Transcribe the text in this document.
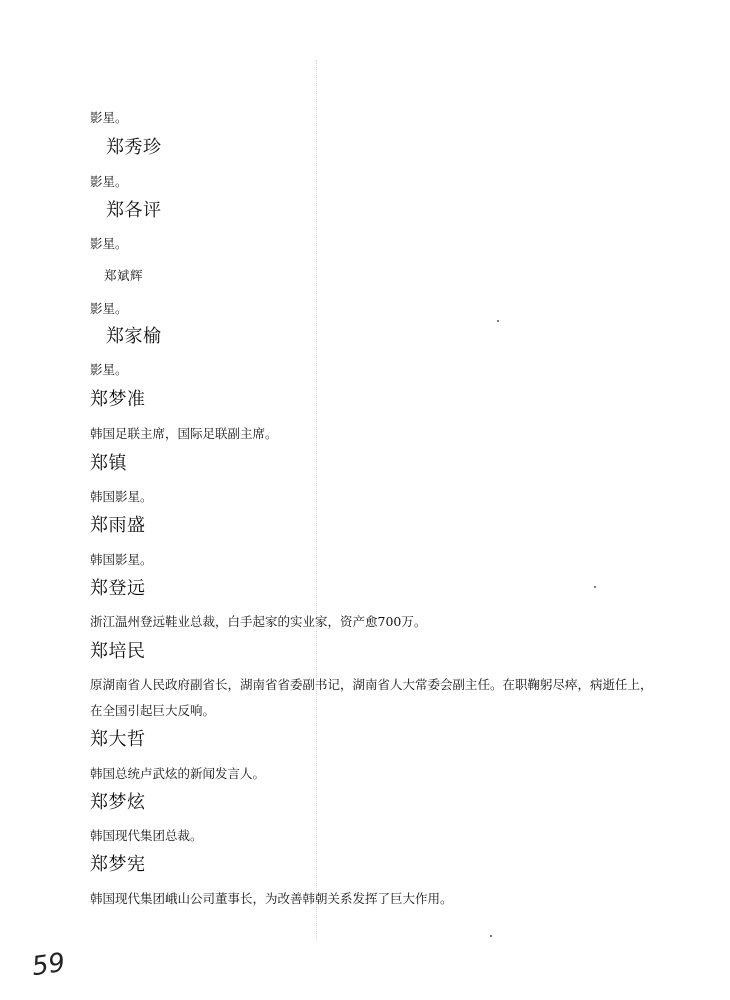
影星。
郑秀珍
影星。
郑各评
影星。
郑斌辉
影星。
郑家榆
影星。
郑梦准
韩国足联主席，国际足联副主席。
郑镇
韩国影星。
郑雨盛
韩国影星。
郑登远
浙江温州登远鞋业总裁，白手起家的实业家，资产愈700万。
郑培民
原湖南省人民政府副省长，湖南省省委副书记，湖南省人大常委会副主任。在职鞠躬尽瘁，病逝任上，
在全国引起巨大反响。
郑大哲
韩国总统卢武炫的新闻发言人。
郑梦炫
韩国现代集团总裁。
郑梦宪
韩国现代集团峨山公司董事长，为改善韩朝关系发挥了巨大作用。
59
